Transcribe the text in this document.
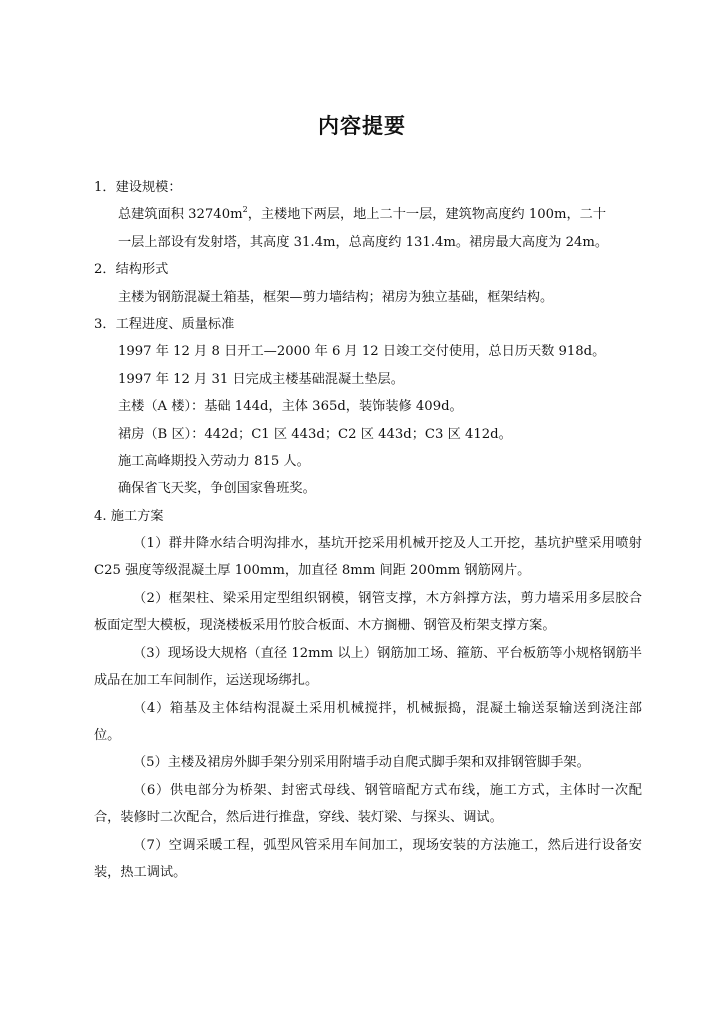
内容提要
1．建设规模：
总建筑面积 $32740m^2$，主楼地下两层，地上二十一层，建筑物高度约 100m，二十
一层上部设有发射塔，其高度 31.4m，总高度约 131.4m。裙房最大高度为 24m。
2．结构形式
主楼为钢筋混凝土箱基，框架—剪力墙结构；裙房为独立基础，框架结构。
3．工程进度、质量标准
1997 年 12 月 8 日开工—2000 年 6 月 12 日竣工交付使用，总日历天数 918d。
1997 年 12 月 31 日完成主楼基础混凝土垫层。
主楼（A 楼）：基础 144d，主体 365d，装饰装修 409d。
裙房（B 区）：442d；C1 区 443d；C2 区 443d；C3 区 412d。
施工高峰期投入劳动力 815 人。
确保省飞天奖，争创国家鲁班奖。
4. 施工方案

（1）群井降水结合明沟排水，基坑开挖采用机械开挖及人工开挖，基坑护壁采用喷射 C25 强度等级混凝土厚 100mm，加直径 8mm 间距 200mm 钢筋网片。

（2）框架柱、梁采用定型组织钢模，钢管支撑，木方斜撑方法，剪力墙采用多层胶合板面定型大模板，现浇楼板采用竹胶合板面、木方搁栅、钢管及桁架支撑方案。

（3）现场设大规格（直径 12mm 以上）钢筋加工场、箍筋、平台板筋等小规格钢筋半成品在加工车间制作，运送现场绑扎。

（4）箱基及主体结构混凝土采用机械搅拌，机械振捣，混凝土输送泵输送到浇注部位。

（5）主楼及裙房外脚手架分别采用附墙手动自爬式脚手架和双排钢管脚手架。

（6）供电部分为桥架、封密式母线、钢管暗配方式布线，施工方式，主体时一次配合，装修时二次配合，然后进行推盘，穿线、装灯梁、与探头、调试。

（7）空调采暖工程，弧型风管采用车间加工，现场安装的方法施工，然后进行设备安装，热工调试。
